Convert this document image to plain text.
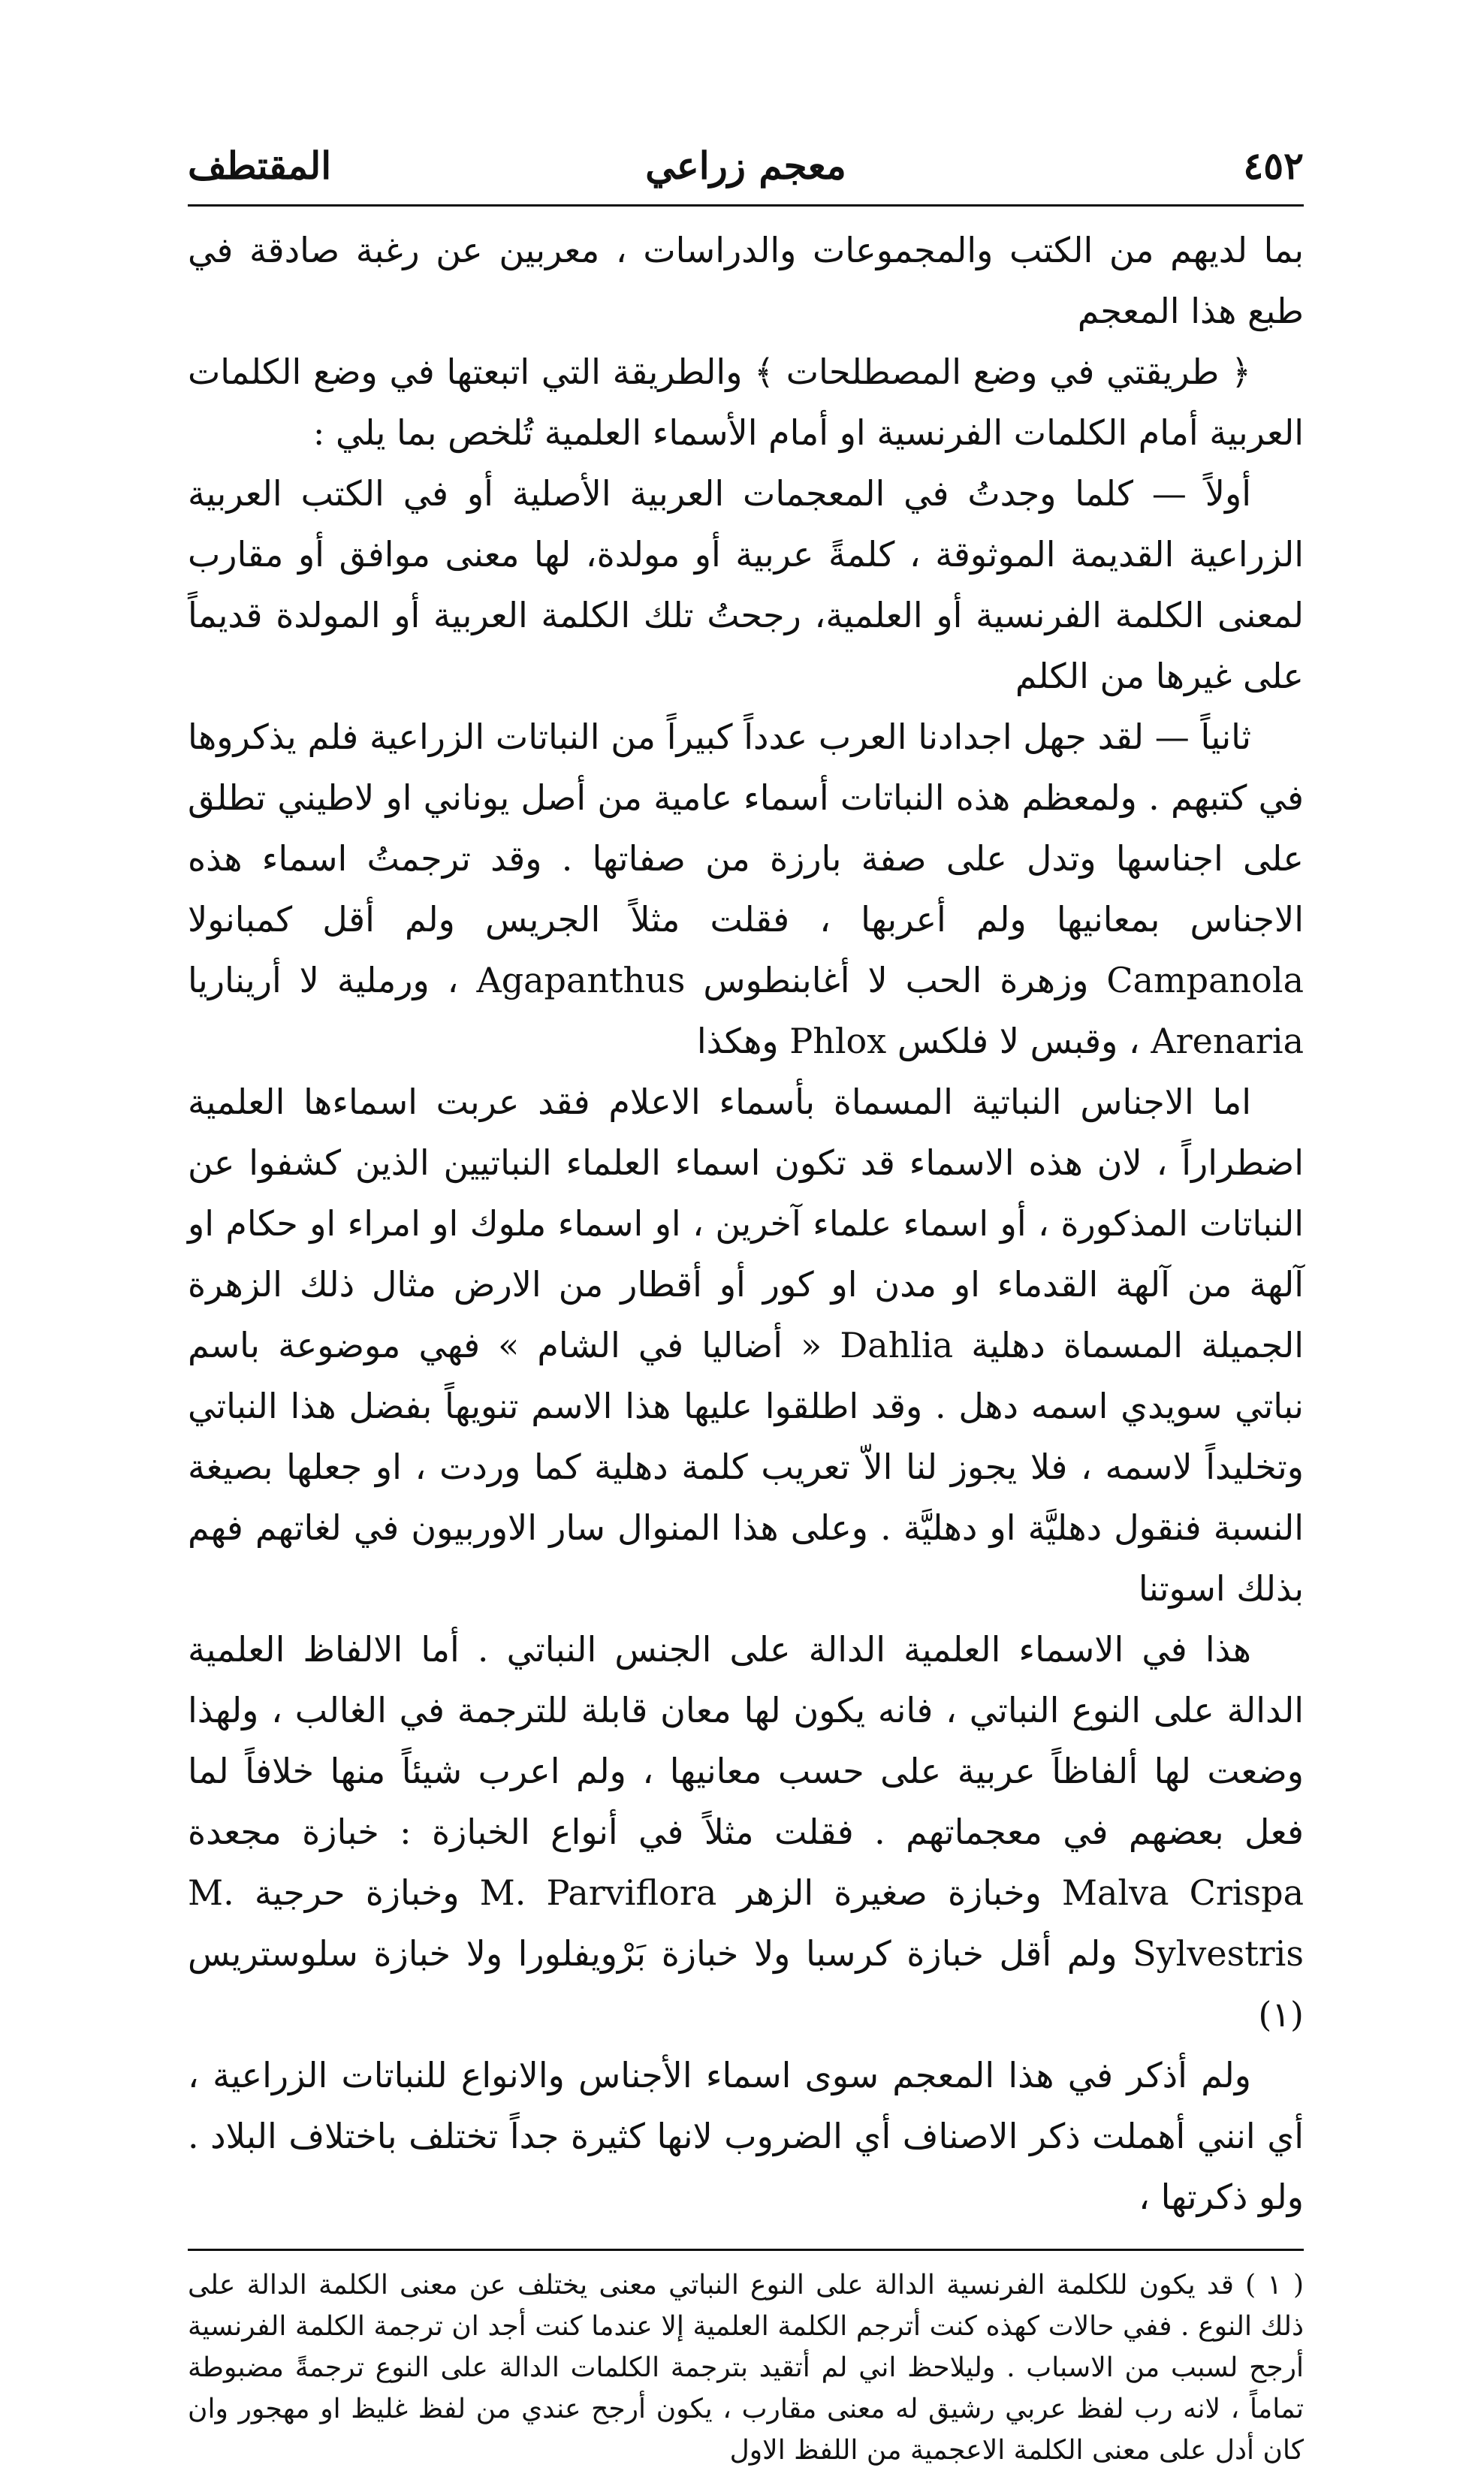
٤٥٢
معجم زراعي
المقتطف

بما لديهم من الكتب والمجموعات والدراسات ، معربين عن رغبة صادقة في طبع هذا المعجم

﴿ طريقتي في وضع المصطلحات ﴾ والطريقة التي اتبعتها في وضع الكلمات العربية أمام الكلمات الفرنسية او أمام الأسماء العلمية تُلخص بما يلي :

أولاً — كلما وجدتُ في المعجمات العربية الأصلية أو في الكتب العربية الزراعية القديمة الموثوقة ، كلمةً عربية أو مولدة، لها معنى موافق أو مقارب لمعنى الكلمة الفرنسية أو العلمية، رجحتُ تلك الكلمة العربية أو المولدة قديماً على غيرها من الكلم

ثانياً — لقد جهل اجدادنا العرب عدداً كبيراً من النباتات الزراعية فلم يذكروها في كتبهم . ولمعظم هذه النباتات أسماء عامية من أصل يوناني او لاطيني تطلق على اجناسها وتدل على صفة بارزة من صفاتها . وقد ترجمتُ اسماء هذه الاجناس بمعانيها ولم أعربها ، فقلت مثلاً الجريس ولم أقل كمبانولا Campanola وزهرة الحب لا أغابنطوس Agapanthus ، ورملية لا أريناريا Arenaria ، وقبس لا فلكس Phlox وهكذا

اما الاجناس النباتية المسماة بأسماء الاعلام فقد عربت اسماءها العلمية اضطراراً ، لان هذه الاسماء قد تكون اسماء العلماء النباتيين الذين كشفوا عن النباتات المذكورة ، أو اسماء علماء آخرين ، او اسماء ملوك او امراء او حكام او آلهة من آلهة القدماء او مدن او كور أو أقطار من الارض مثال ذلك الزهرة الجميلة المسماة دهلية Dahlia « أضاليا في الشام » فهي موضوعة باسم نباتي سويدي اسمه دهل . وقد اطلقوا عليها هذا الاسم تنويهاً بفضل هذا النباتي وتخليداً لاسمه ، فلا يجوز لنا الاّ تعريب كلمة دهلية كما وردت ، او جعلها بصيغة النسبة فنقول دهليَّة او دهليَّة . وعلى هذا المنوال سار الاوربيون في لغاتهم فهم بذلك اسوتنا

هذا في الاسماء العلمية الدالة على الجنس النباتي . أما الالفاظ العلمية الدالة على النوع النباتي ، فانه يكون لها معان قابلة للترجمة في الغالب ، ولهذا وضعت لها ألفاظاً عربية على حسب معانيها ، ولم اعرب شيئاً منها خلافاً لما فعل بعضهم في معجماتهم . فقلت مثلاً في أنواع الخبازة : خبازة مجعدة Malva Crispa وخبازة صغيرة الزهر M. Parviflora وخبازة حرجية M. Sylvestris ولم أقل خبازة كرسبا ولا خبازة بَرْويفلورا ولا خبازة سلوستريس (١)

ولم أذكر في هذا المعجم سوى اسماء الأجناس والانواع للنباتات الزراعية ، أي انني أهملت ذكر الاصناف أي الضروب لانها كثيرة جداً تختلف باختلاف البلاد . ولو ذكرتها ،

( ١ ) قد يكون للكلمة الفرنسية الدالة على النوع النباتي معنى يختلف عن معنى الكلمة الدالة على ذلك النوع . ففي حالات كهذه كنت أترجم الكلمة العلمية إلا عندما كنت أجد ان ترجمة الكلمة الفرنسية أرجح لسبب من الاسباب . وليلاحظ اني لم أتقيد بترجمة الكلمات الدالة على النوع ترجمةً مضبوطة تماماً ، لانه رب لفظ عربي رشيق له معنى مقارب ، يكون أرجح عندي من لفظ غليظ او مهجور وان كان أدل على معنى الكلمة الاعجمية من اللفظ الاول
